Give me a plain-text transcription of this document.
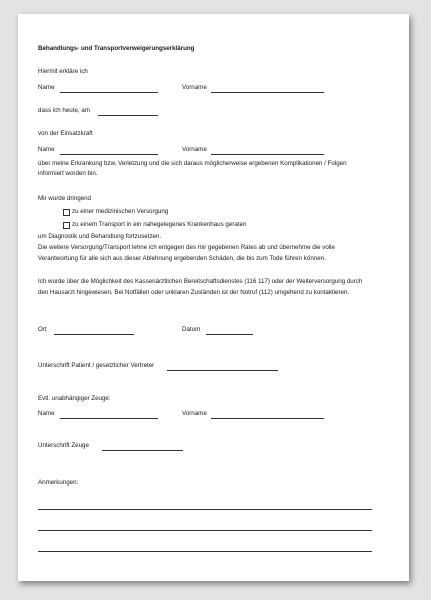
Behandlungs- und Transportverweigerungserklärung
Hiermit erkläre ich
Name	Vorname
dass ich heute, am
von der Einsatzkraft
Name	Vorname
über meine Erkrankung bzw. Verletzung und die sich daraus möglicherweise ergebenen Komplikationen / Folgen
informiert worden bin.
Mir wurde dringend
zu einer medizinischen Versorgung
zu einem Transport in ein nahegelegenes Krankenhaus geraten
um Diagnostik und Behandlung fortzusetzen.
Die weitere Versorgung/Transport lehne ich entgegen des mir gegebenen Rates ab und übernehme die volle
Verantwortung für alle sich aus dieser Ablehnung ergebenden Schäden, die bis zum Tode führen können.
Ich wurde über die Möglichkeit des Kassenärztlichen Bereitschaftsdienstes (116 117) oder der Weiterversorgung durch
den Hausarzt hingewiesen. Bei Notfällen oder unklaren Zuständen ist der Notruf (112) umgehend zu kontaktieren.
Ort	Datum
Unterschrift Patient / gesetzlicher Vertreter
Evtl. unabhängiger Zeuge:
Name	Vorname
Unterschrift Zeuge
Anmerkungen:
